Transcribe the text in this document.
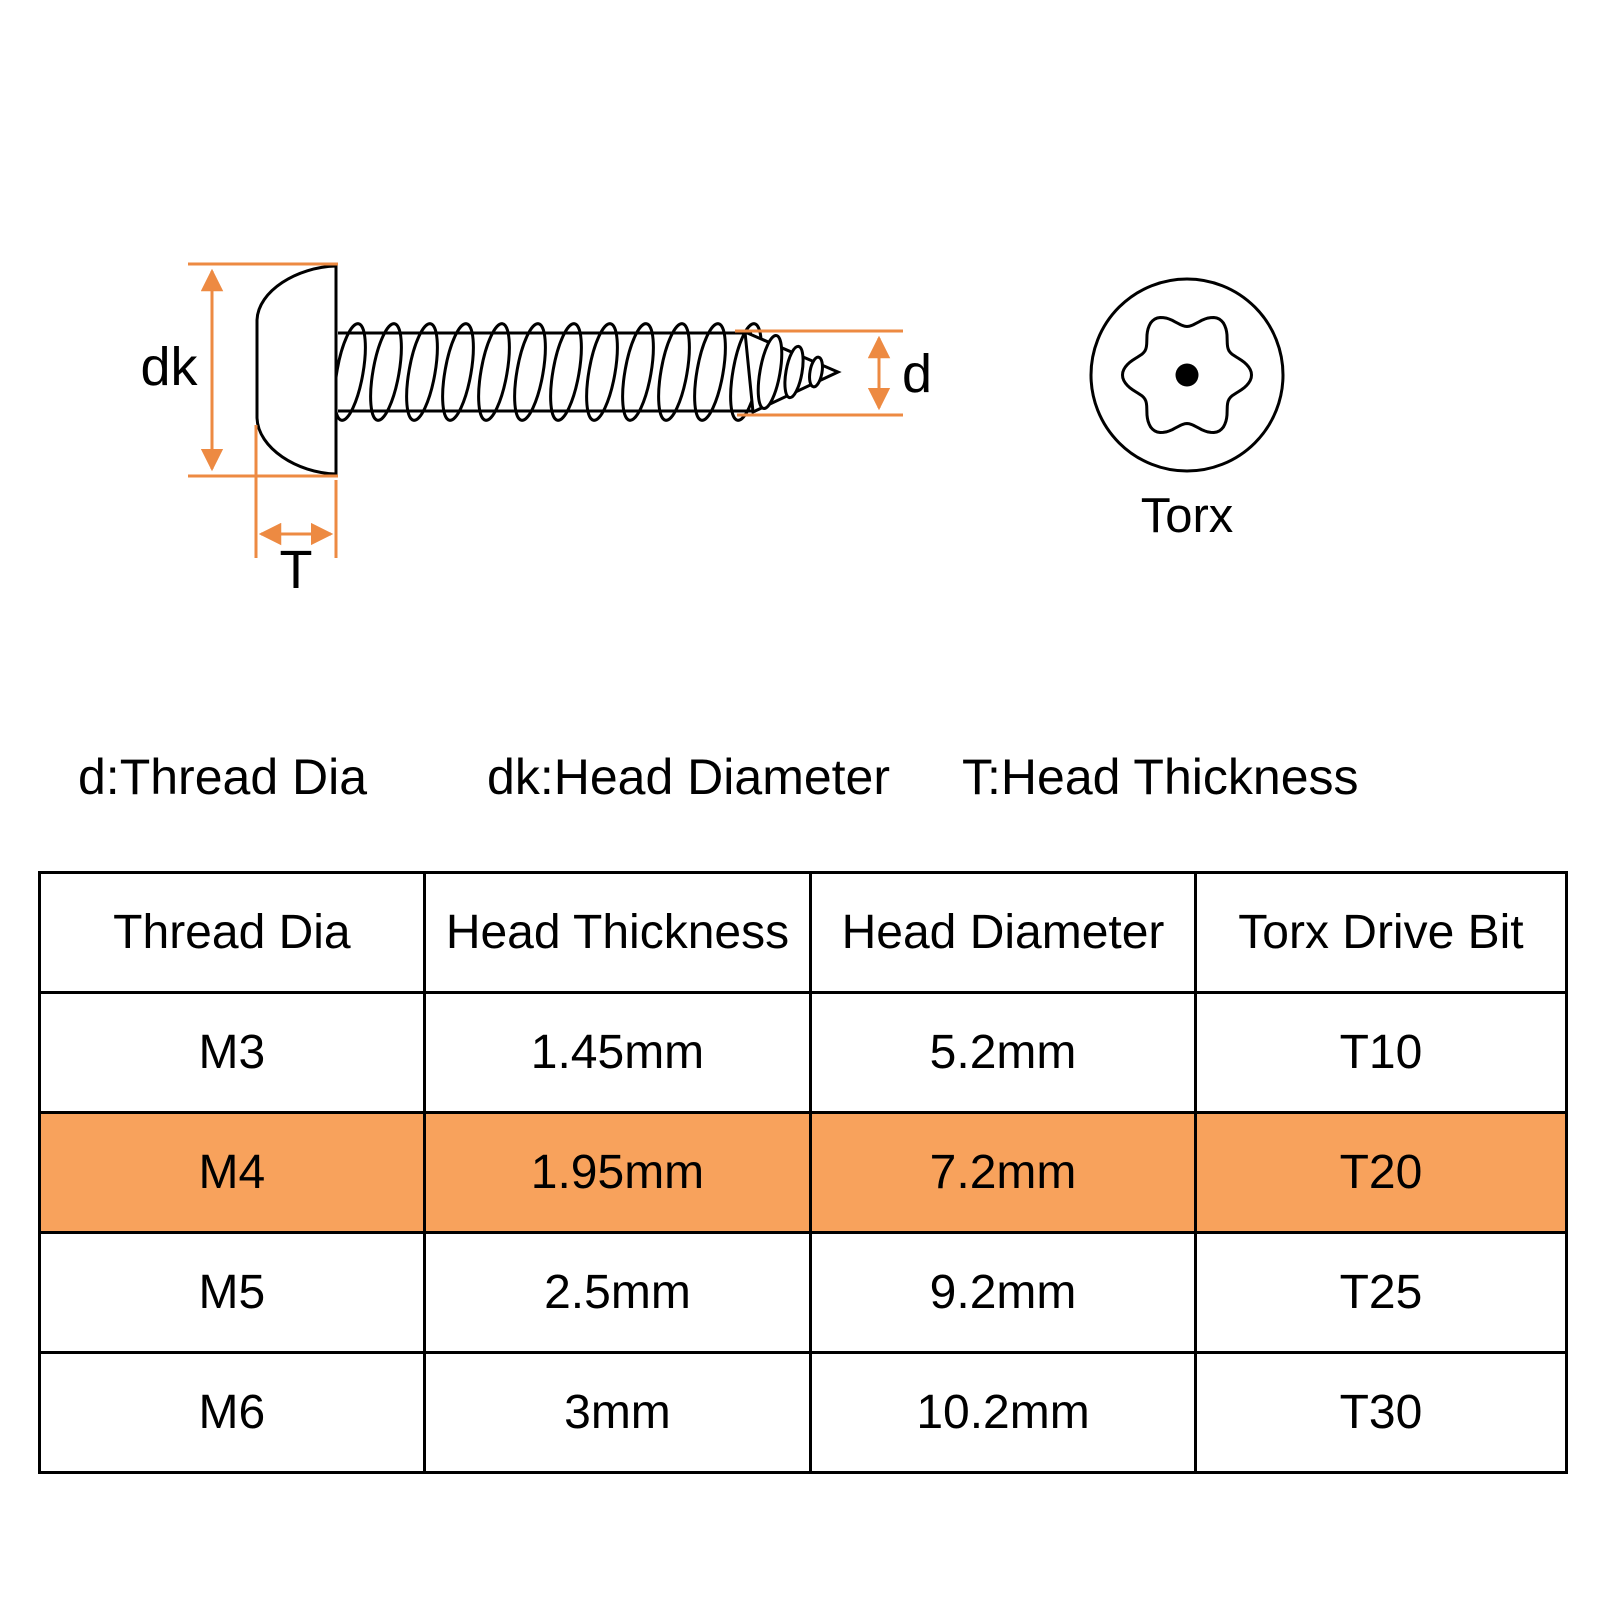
dk
T
d
Torx
d:Thread Dia dk:Head Diameter T:Head Thickness
Thread Dia	Head Thickness	Head Diameter	Torx Drive Bit
M3	1.45mm	5.2mm	T10
M4	1.95mm	7.2mm	T20
M5	2.5mm	9.2mm	T25
M6	3mm	10.2mm	T30
